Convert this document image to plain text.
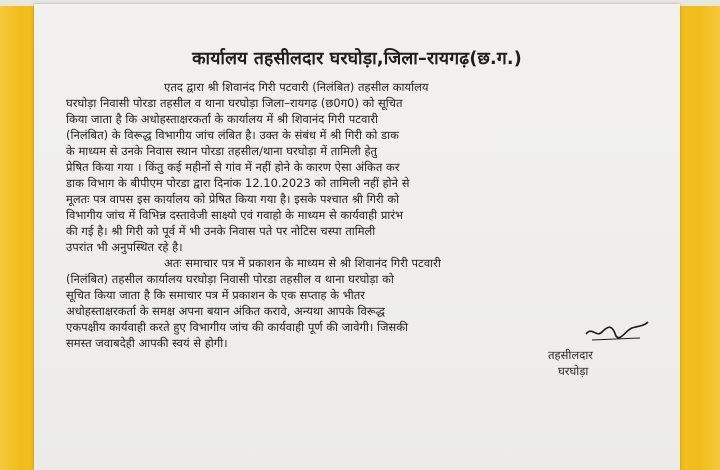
कार्यालय तहसीलदार घरघोड़ा,जिला–रायगढ़(छ.ग.)
एतद द्वारा श्री शिवानंद गिरी पटवारी (निलंबित) तहसील कार्यालय
घरघोड़ा निवासी पोरडा तहसील व थाना घरघोड़ा जिला–रायगढ़ (छ0ग0) को सूचित
किया जाता है कि अधोहस्ताक्षरकर्ता के कार्यालय में श्री शिवानंद गिरी पटवारी
(निलंबित) के विरूद्ध विभागीय जांच लंबित है। उक्त के संबंध में श्री गिरी को डाक
के माध्यम से उनके निवास स्थान पोरडा तहसील/थाना घरघोड़ा में तामिली हेतु
प्रेषित किया गया । किंतु कई महीनों से गांव में नहीं होने के कारण ऐसा अंकित कर
डाक विभाग के बीपीएम पोरडा द्वारा दिनांक 12.10.2023 को तामिली नहीं होने से
मूलतः पत्र वापस इस कार्यालय को प्रेषित किया गया है। इसके पश्चात श्री गिरी को
विभागीय जांच में विभिन्न दस्तावेजी साक्ष्यो एवं गवाहो के माध्यम से कार्यवाही प्रारंभ
की गई है। श्री गिरी को पूर्व में भी उनके निवास पते पर नोटिस चस्पा तामिली
उपरांत भी अनुपस्थित रहे है।
अतः समाचार पत्र में प्रकाशन के माध्यम से श्री शिवानंद गिरी पटवारी
(निलंबित) तहसील कार्यालय घरघोड़ा निवासी पोरडा तहसील व थाना घरघोड़ा को
सूचित किया जाता है कि समाचार पत्र में प्रकाशन के एक सप्ताह के भीतर
अधोहस्ताक्षरकर्ता के समक्ष अपना बयान अंकित करावे, अन्यथा आपके विरूद्ध
एकपक्षीय कार्यवाही करते हुए विभागीय जांच की कार्यवाही पूर्ण की जावेगी। जिसकी
समस्त जवाबदेही आपकी स्वयं से होगी।
तहसीलदार
घरघोड़ा
